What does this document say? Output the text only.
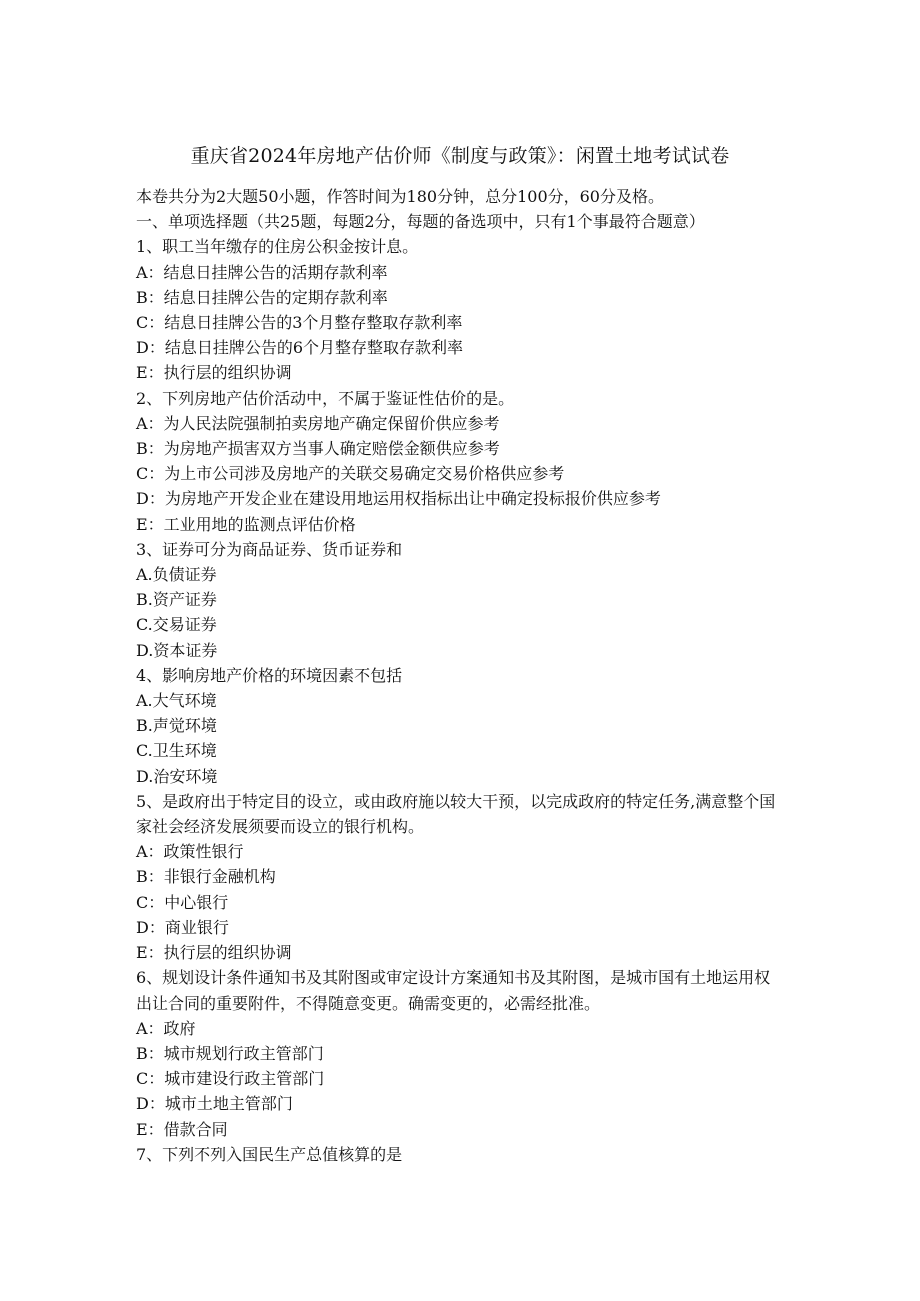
重庆省2024年房地产估价师《制度与政策》：闲置土地考试试卷

本卷共分为2大题50小题，作答时间为180分钟，总分100分，60分及格。

一、单项选择题（共25题，每题2分，每题的备选项中，只有1个事最符合题意）

1、职工当年缴存的住房公积金按计息。

A：结息日挂牌公告的活期存款利率

B：结息日挂牌公告的定期存款利率

C：结息日挂牌公告的3个月整存整取存款利率

D：结息日挂牌公告的6个月整存整取存款利率

E：执行层的组织协调

2、下列房地产估价活动中，不属于鉴证性估价的是。

A：为人民法院强制拍卖房地产确定保留价供应参考

B：为房地产损害双方当事人确定赔偿金额供应参考

C：为上市公司涉及房地产的关联交易确定交易价格供应参考

D：为房地产开发企业在建设用地运用权指标出让中确定投标报价供应参考

E：工业用地的监测点评估价格

3、证券可分为商品证券、货币证券和

A.负债证券

B.资产证券

C.交易证券

D.资本证券

4、影响房地产价格的环境因素不包括

A.大气环境

B.声觉环境

C.卫生环境

D.治安环境

5、是政府出于特定目的设立，或由政府施以较大干预，以完成政府的特定任务,满意整个国家社会经济发展须要而设立的银行机构。

A：政策性银行

B：非银行金融机构

C：中心银行

D：商业银行

E：执行层的组织协调

6、规划设计条件通知书及其附图或审定设计方案通知书及其附图，是城市国有土地运用权出让合同的重要附件，不得随意变更。确需变更的，必需经批准。

A：政府

B：城市规划行政主管部门

C：城市建设行政主管部门

D：城市土地主管部门

E：借款合同

7、下列不列入国民生产总值核算的是
